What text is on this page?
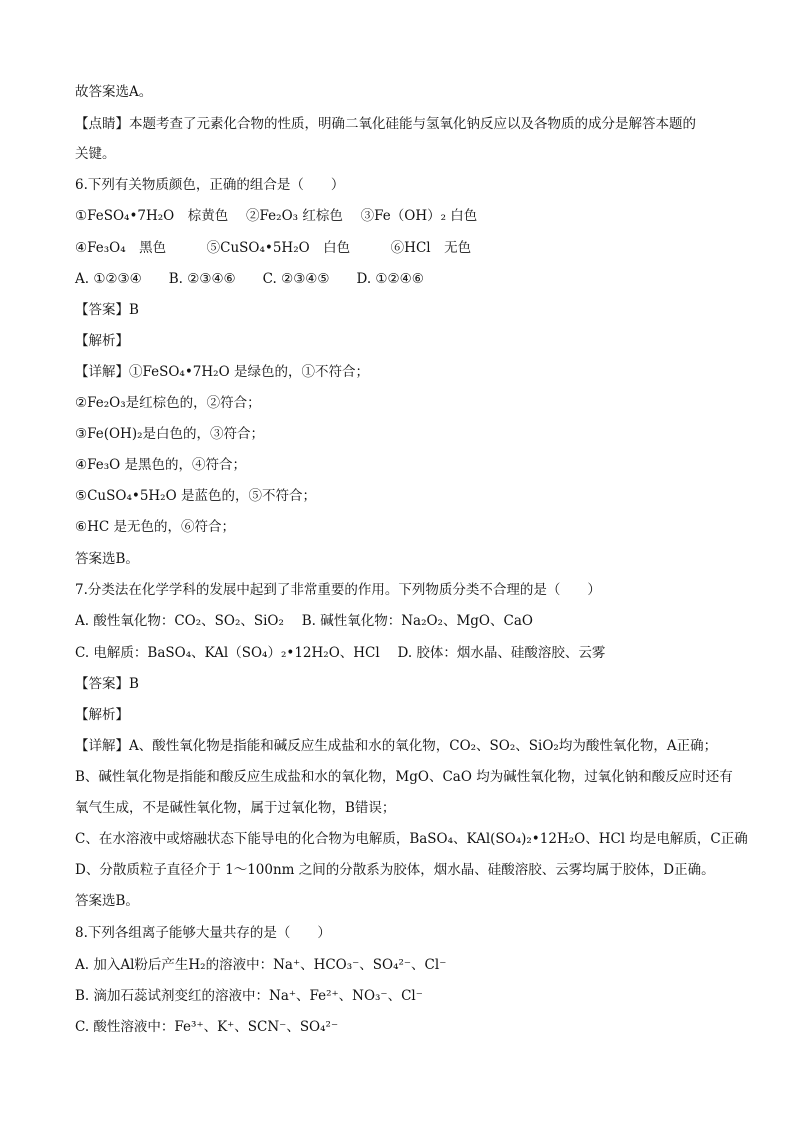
故答案选A。
【点睛】本题考查了元素化合物的性质，明确二氧化硅能与氢氧化钠反应以及各物质的成分是解答本题的
关键。
6.下列有关物质颜色，正确的组合是（　　）
①FeSO₄•7H₂O　棕黄色　 ②Fe₂O₃ 红棕色　 ③Fe（OH）₂ 白色
④Fe₃O₄　黑色　　　⑤CuSO₄•5H₂O　白色　　　⑥HCl　无色
A. ①②③④　　B. ②③④⑥　　C. ②③④⑤　　D. ①②④⑥
【答案】B
【解析】
【详解】①FeSO₄•7H₂O 是绿色的，①不符合；
②Fe₂O₃是红棕色的，②符合；
③Fe(OH)₂是白色的，③符合；
④Fe₃O 是黑色的，④符合；
⑤CuSO₄•5H₂O 是蓝色的，⑤不符合；
⑥HC 是无色的，⑥符合；
答案选B。
7.分类法在化学学科的发展中起到了非常重要的作用。下列物质分类不合理的是（　　）
A. 酸性氧化物：CO₂、SO₂、SiO₂　 B. 碱性氧化物：Na₂O₂、MgO、CaO
C. 电解质：BaSO₄、KAl（SO₄）₂•12H₂O、HCl　 D. 胶体：烟水晶、硅酸溶胶、云雾
【答案】B
【解析】
【详解】A、酸性氧化物是指能和碱反应生成盐和水的氧化物，CO₂、SO₂、SiO₂均为酸性氧化物，A正确；
B、碱性氧化物是指能和酸反应生成盐和水的氧化物，MgO、CaO 均为碱性氧化物，过氧化钠和酸反应时还有
氧气生成，不是碱性氧化物，属于过氧化物，B错误；
C、在水溶液中或熔融状态下能导电的化合物为电解质，BaSO₄、KAl(SO₄)₂•12H₂O、HCl 均是电解质，C正确
D、分散质粒子直径介于 1～100nm 之间的分散系为胶体，烟水晶、硅酸溶胶、云雾均属于胶体，D正确。
答案选B。
8.下列各组离子能够大量共存的是（　　）
A. 加入Al粉后产生H₂的溶液中：Na⁺、HCO₃⁻、SO₄²⁻、Cl⁻
B. 滴加石蕊试剂变红的溶液中：Na⁺、Fe²⁺、NO₃⁻、Cl⁻
C. 酸性溶液中：Fe³⁺、K⁺、SCN⁻、SO₄²⁻
